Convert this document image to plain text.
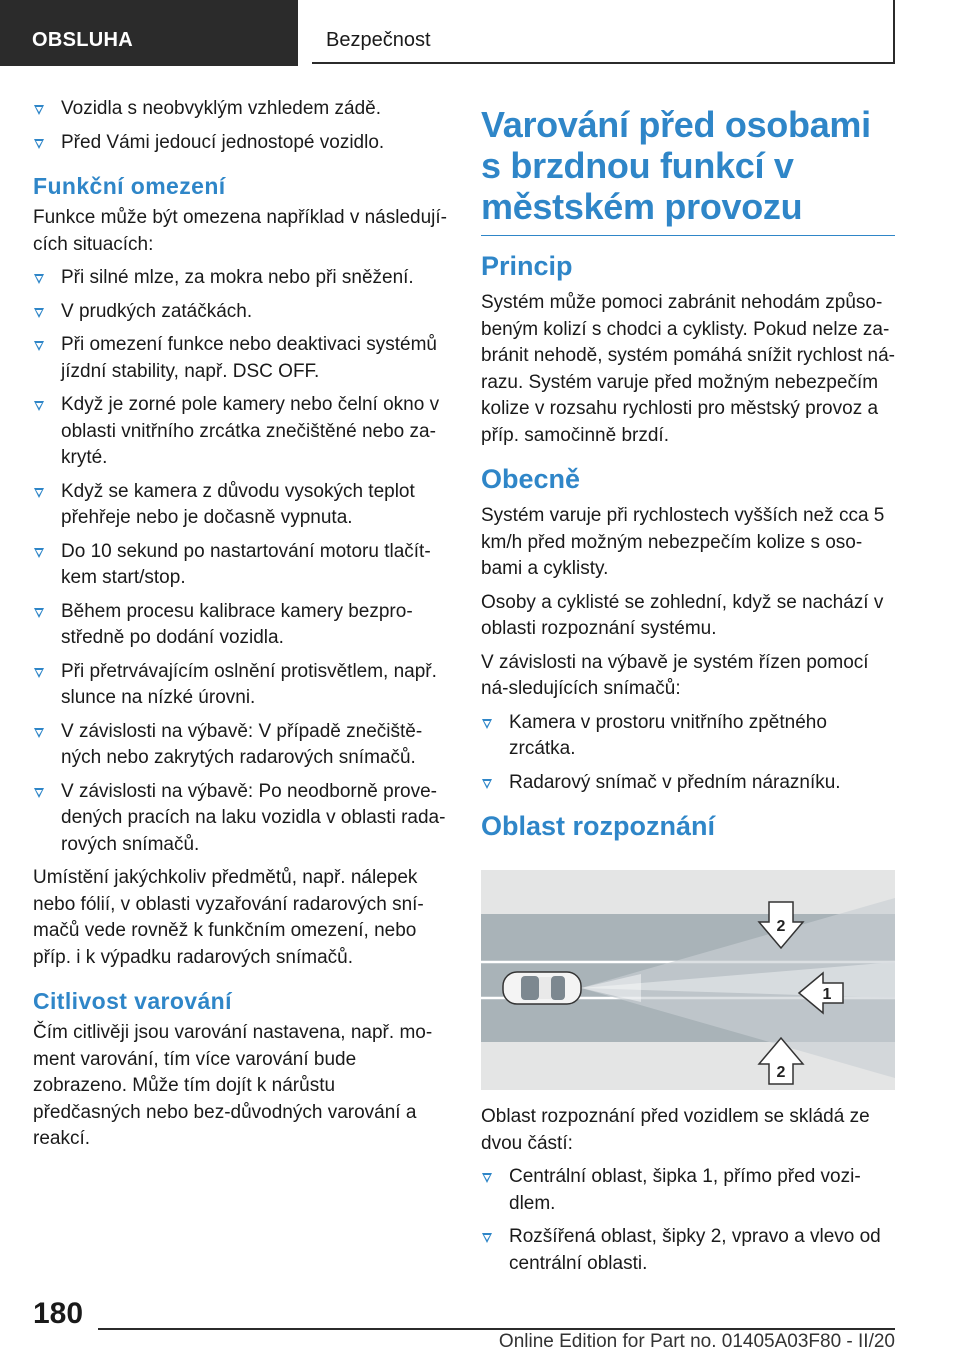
OBSLUHA	Bezpečnost
Vozidla s neobvyklým vzhledem zádě.
Před Vámi jedoucí jednostopé vozidlo.
Funkční omezení

Funkce může být omezena například v následují-cích situacích:

Při silné mlze, za mokra nebo při sněžení.
V prudkých zatáčkách.
Při omezení funkce nebo deaktivaci systémů jízdní stability, např. DSC OFF.
Když je zorné pole kamery nebo čelní okno v oblasti vnitřního zrcátka znečištěné nebo za-kryté.
Když se kamera z důvodu vysokých teplot přehřeje nebo je dočasně vypnuta.
Do 10 sekund po nastartování motoru tlačít-kem start/stop.
Během procesu kalibrace kamery bezpro-středně po dodání vozidla.
Při přetrvávajícím oslnění protisvětlem, např. slunce na nízké úrovni.
V závislosti na výbavě: V případě znečiště-ných nebo zakrytých radarových snímačů.
V závislosti na výbavě: Po neodborně prove-dených pracích na laku vozidla v oblasti rada-rových snímačů.

Umístění jakýchkoliv předmětů, např. nálepek nebo fólií, v oblasti vyzařování radarových sní-mačů vede rovněž k funkčním omezení, nebo příp. i k výpadku radarových snímačů.

Citlivost varování

Čím citlivěji jsou varování nastavena, např. mo-ment varování, tím více varování bude zobrazeno. Může tím dojít k nárůstu předčasných nebo bez-důvodných varování a reakcí.

Varování před osobami s brzdnou funkcí v městském provozu
Princip

Systém může pomoci zabránit nehodám způso-beným kolizí s chodci a cyklisty. Pokud nelze za-bránit nehodě, systém pomáhá snížit rychlost ná-razu. Systém varuje před možným nebezpečím kolize v rozsahu rychlosti pro městský provoz a příp. samočinně brzdí.

Obecně

Systém varuje při rychlostech vyšších než cca 5 km/h před možným nebezpečím kolize s oso-bami a cyklisty.

Osoby a cyklisté se zohlední, když se nachází v oblasti rozpoznání systému.

V závislosti na výbavě je systém řízen pomocí ná-sledujících snímačů:

Kamera v prostoru vnitřního zpětného zrcátka.
Radarový snímač v předním nárazníku.
Oblast rozpoznání
2
1
2

Oblast rozpoznání před vozidlem se skládá ze dvou částí:

Centrální oblast, šipka 1, přímo před vozi-dlem.
Rozšířená oblast, šipky 2, vpravo a vlevo od centrální oblasti.
180
Online Edition for Part no. 01405A03F80 - II/20
